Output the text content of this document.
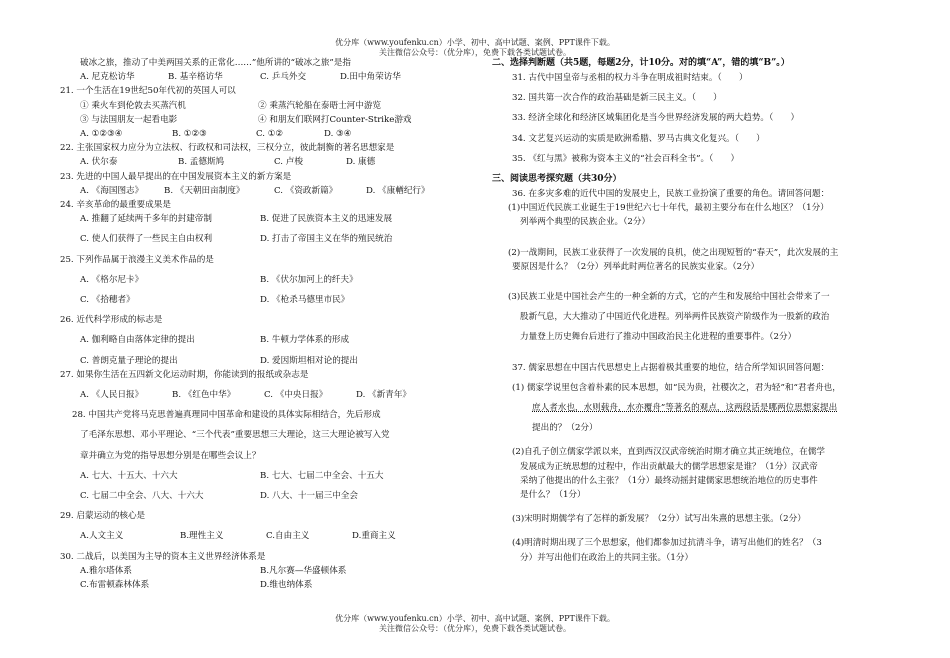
优分库（www.youfenku.cn）小学、初中、高中试题、案例、PPT课件下载。
关注微信公众号：（优分库），免费下载各类试题试卷。
破冰之旅，推动了中美两国关系的正常化……”他所讲的“破冰之旅”是指
A. 尼克松访华	B. 基辛格访华	C. 乒乓外交	D.田中角荣访华
21. 一个生活在19世纪50年代初的英国人可以
① 乘火车到伦敦去买蒸汽机	② 乘蒸汽轮船在泰晤士河中游览
③ 与法国朋友一起看电影	④ 和朋友们联网打Counter-Strike游戏
A. ①②③④	B. ①②③	C. ①②	D. ③④
22. 主张国家权力应分为立法权、行政权和司法权，三权分立，彼此制衡的著名思想家是
A. 伏尔泰	B. 孟德斯鸠	C. 卢梭	D. 康德
23. 先进的中国人最早提出的在中国发展资本主义的新方案是
A. 《海国图志》	B. 《天朝田亩制度》	C. 《资政新篇》	D. 《康輶纪行》
24. 辛亥革命的最重要成果是
A. 推翻了延续两千多年的封建帝制	B. 促进了民族资本主义的迅速发展
C. 使人们获得了一些民主自由权利	D. 打击了帝国主义在华的殖民统治
25. 下列作品属于浪漫主义美术作品的是
A. 《格尔尼卡》	B. 《伏尔加河上的纤夫》
C. 《拾穗者》	D. 《枪杀马德里市民》
26. 近代科学形成的标志是
A. 伽利略自由落体定律的提出	B. 牛顿力学体系的形成
C. 普朗克量子理论的提出	D. 爱因斯坦相对论的提出
27. 如果你生活在五四新文化运动时期，你能读到的报纸或杂志是
A. 《人民日报》	B. 《红色中华》	C. 《中央日报》	D. 《新青年》
28. 中国共产党将马克思普遍真理同中国革命和建设的具体实际相结合，先后形成
了毛泽东思想、邓小平理论、“三个代表”重要思想三大理论，这三大理论被写入党
章并确立为党的指导思想分别是在哪些会议上？
A. 七大、十五大、十六大	B. 七大、七届二中全会、十五大
C. 七届二中全会、八大、十六大	D. 八大、十一届三中全会
29. 启蒙运动的核心是
A.人文主义	B.理性主义	C.自由主义	D.重商主义
30. 二战后，以美国为主导的资本主义世界经济体系是
A.雅尔塔体系	B.凡尔赛—华盛顿体系
C.布雷顿森林体系	D.维也纳体系
二、选择判断题（共5题，每题2分，计10分。对的填“A”，错的填“B”。）
31. 古代中国皇帝与丞相的权力斗争在明成祖时结束。（　　）
32. 国共第一次合作的政治基础是新三民主义。（　　）
33. 经济全球化和经济区域集团化是当今世界经济发展的两大趋势。（　　）
34. 文艺复兴运动的实质是欧洲希腊、罗马古典文化复兴。（　　）
35. 《红与黑》被称为资本主义的“社会百科全书”。（　　）
三、阅读思考探究题（共30分）
36. 在多灾多难的近代中国的发展史上，民族工业扮演了重要的角色。请回答问题：
(1)中国近代民族工业诞生于19世纪六七十年代，最初主要分布在什么地区？（1分）
列举两个典型的民族企业。（2分）
(2)一战期间，民族工业获得了一次发展的良机，使之出现短暂的“春天”，此次发展的主
要原因是什么？（2分）列举此时两位著名的民族实业家。（2分）
(3)民族工业是中国社会产生的一种全新的方式，它的产生和发展给中国社会带来了一
股新气息，大大推动了中国近代化进程。列举两件民族资产阶级作为一股新的政治
力量登上历史舞台后进行了推动中国政治民主化进程的重要事件。（2分）
37. 儒家思想在中国古代思想史上占据着极其重要的地位，结合所学知识回答问题：
(1) 儒家学说里包含着朴素的民本思想，如“民为贵，社稷次之，君为轻”和“君者舟也，
庶人者水也，水则载舟，水亦覆舟”等著名的观点，这两段话是哪两位思想家提出
提出的？（2分）
(2)自孔子创立儒家学派以来，直到西汉汉武帝统治时期才确立其正统地位，在儒学
发展成为正统思想的过程中，作出贡献最大的儒学思想家是谁？（1分）汉武帝
采纳了他提出的什么主张？（1分）最终动摇封建儒家思想统治地位的历史事件
是什么？（1分）
(3)宋明时期儒学有了怎样的新发展？（2分）试写出朱熹的思想主张。（2分）
(4)明清时期出现了三个思想家，他们都参加过抗清斗争，请写出他们的姓名？（3
分）并写出他们在政治上的共同主张。（1分）
优分库（www.youfenku.cn）小学、初中、高中试题、案例、PPT课件下载。
关注微信公众号：（优分库），免费下载各类试题试卷。
